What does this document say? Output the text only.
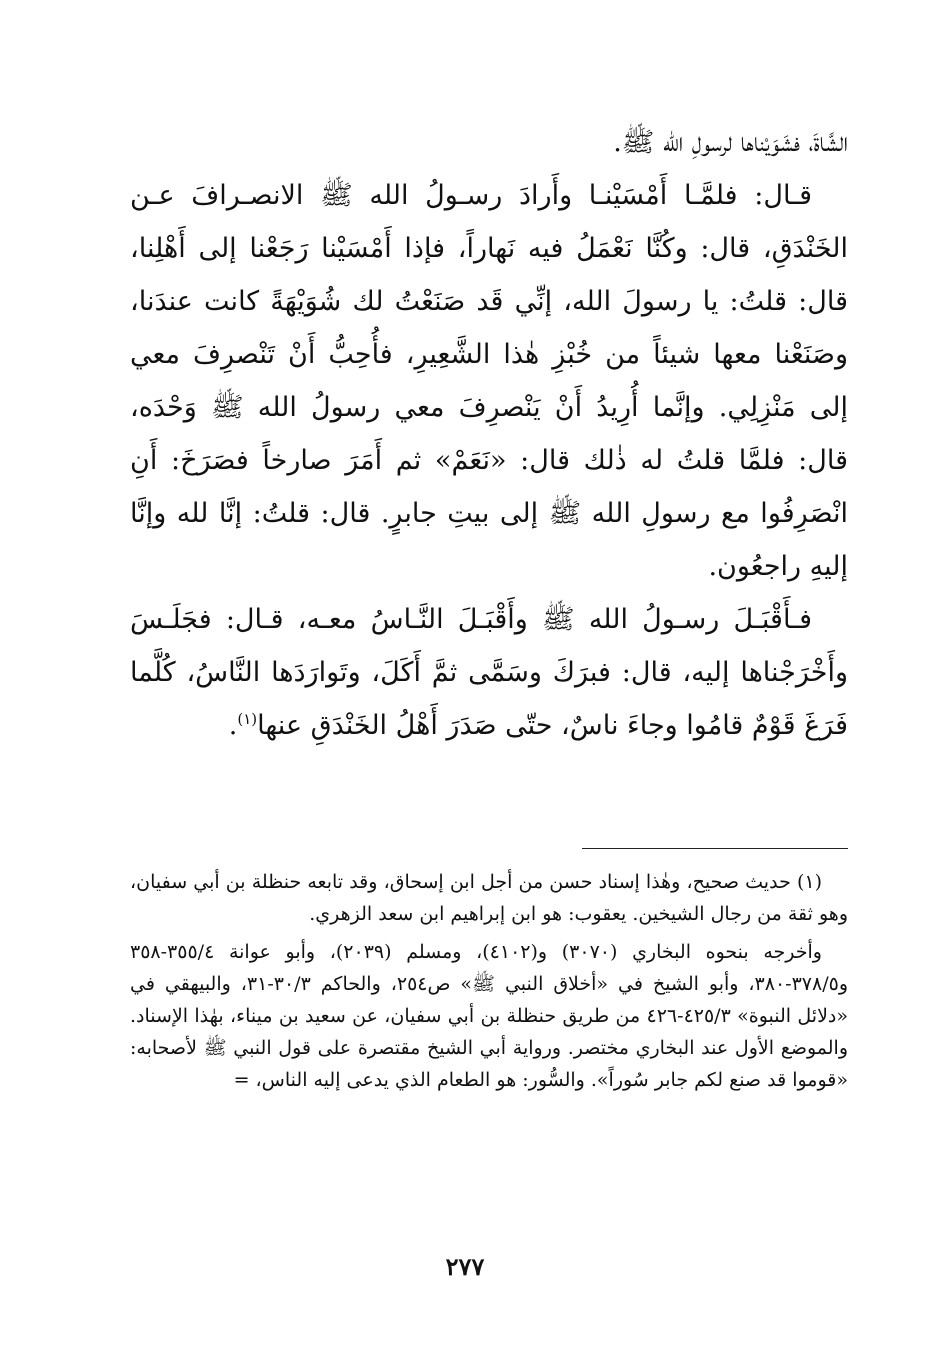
الشَّاةَ، فشَوَيْناها لرسولِ الله ﷺ.

قـال: فلمَّـا أَمْسَيْنـا وأَرادَ رسـولُ الله ﷺ الانصـرافَ عـن الخَنْدَقِ، قال: وكُنَّا نَعْمَلُ فيه نَهاراً، فإذا أَمْسَيْنا رَجَعْنا إلى أَهْلِنا، قال: قلتُ: يا رسولَ الله، إنِّي قَد صَنَعْتُ لك شُوَيْهَةً كانت عندَنا، وصَنَعْنا معها شيئاً من خُبْزِ هٰذا الشَّعِيرِ، فأُحِبُّ أَنْ تَنْصرِفَ معي إلى مَنْزِلِي. وإنَّما أُرِيدُ أَنْ يَنْصرِفَ معي رسولُ الله ﷺ وَحْدَه، قال: فلمَّا قلتُ له ذٰلك قال: «نَعَمْ» ثم أَمَرَ صارخاً فصَرَخَ: أَنِ انْصَرِفُوا مع رسولِ الله ﷺ إلى بيتِ جابرٍ. قال: قلتُ: إنَّا لله وإنَّا إليهِ راجعُون.

فـأَقْبَـلَ رسـولُ الله ﷺ وأَقْبَـلَ النَّـاسُ معـه، قـال: فجَلَـسَ وأَخْرَجْناها إليه، قال: فبرَكَ وسَمَّى ثمَّ أَكَلَ، وتَوارَدَها النَّاسُ، كُلَّما فَرَغَ قَوْمٌ قامُوا وجاءَ ناسٌ، حتّى صَدَرَ أَهْلُ الخَنْدَقِ عنها$^{(١)}$.

(١) حديث صحيح، وهٰذا إسناد حسن من أجل ابن إسحاق، وقد تابعه حنظلة بن أبي سفيان، وهو ثقة من رجال الشيخين. يعقوب: هو ابن إبراهيم ابن سعد الزهري.

وأخرجه بنحوه البخاري (٣٠٧٠) و(٤١٠٢)، ومسلم (٢٠٣٩)، وأبو عوانة ٣٥٥/٤-٣٥٨ و٣٧٨/٥-٣٨٠، وأبو الشيخ في «أخلاق النبي ﷺ» ص٢٥٤، والحاكم ٣٠/٣-٣١، والبيهقي في «دلائل النبوة» ٤٢٥/٣-٤٢٦ من طريق حنظلة بن أبي سفيان، عن سعيد بن ميناء، بهٰذا الإسناد. والموضع الأول عند البخاري مختصر. ورواية أبي الشيخ مقتصرة على قول النبي ﷺ لأصحابه: «قوموا قد صنع لكم جابر سُوراً». والسُّور: هو الطعام الذي يدعى إليه الناس، =

٢٧٧
